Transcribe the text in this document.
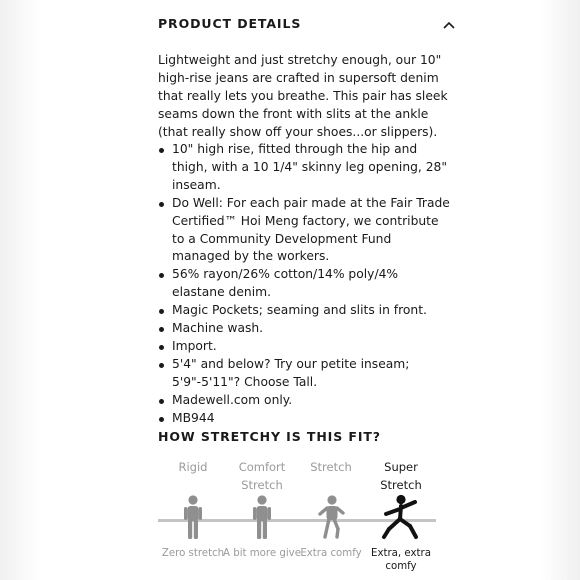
PRODUCT DETAILS

Lightweight and just stretchy enough, our 10" high-rise jeans are crafted in supersoft denim that really lets you breathe. This pair has sleek seams down the front with slits at the ankle (that really show off your shoes...or slippers).

10" high rise, fitted through the hip and thigh, with a 10 1/4" skinny leg opening, 28" inseam.
Do Well: For each pair made at the Fair Trade Certified™ Hoi Meng factory, we contribute to a Community Development Fund managed by the workers.
56% rayon/26% cotton/14% poly/4% elastane denim.
Magic Pockets; seaming and slits in front.
Machine wash.
Import.
5'4" and below? Try our petite inseam; 5'9"-5'11"? Choose Tall.
Madewell.com only.
MB944
HOW STRETCHY IS THIS FIT?
Rigid
Zero stretch
Comfort
Stretch
A bit more give
Stretch
Extra comfy
Super
Stretch
Extra, extra comfy
